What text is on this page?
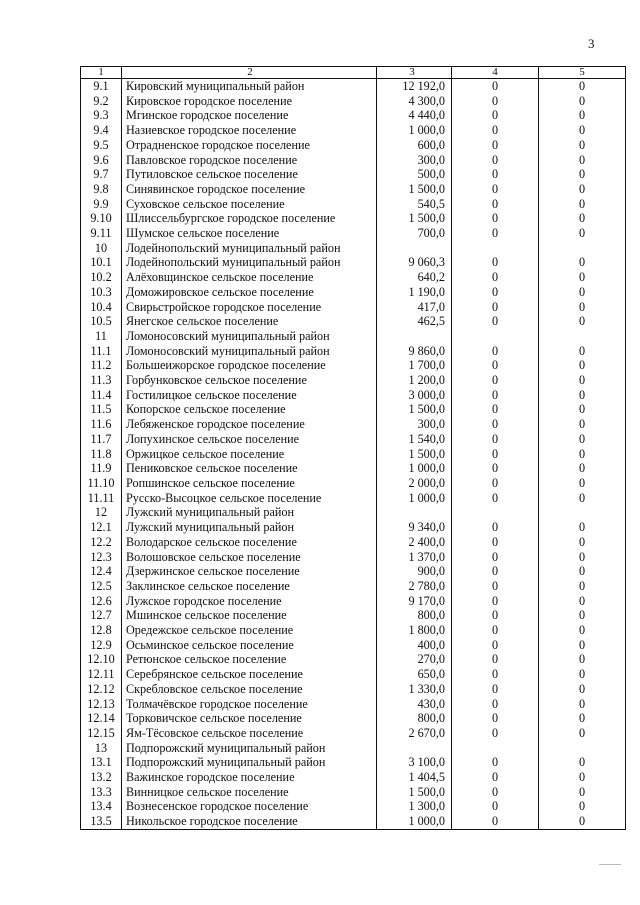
3
1	2	3	4	5
9.1	Кировский муниципальный район	12 192,0	0	0
9.2	Кировское городское поселение	4 300,0	0	0
9.3	Мгинское городское поселение	4 440,0	0	0
9.4	Назиевское городское поселение	1 000,0	0	0
9.5	Отрадненское городское поселение	600,0	0	0
9.6	Павловское городское поселение	300,0	0	0
9.7	Путиловское сельское поселение	500,0	0	0
9.8	Синявинское городское поселение	1 500,0	0	0
9.9	Суховское сельское поселение	540,5	0	0
9.10	Шлиссельбургское городское поселение	1 500,0	0	0
9.11	Шумское сельское поселение	700,0	0	0
10	Лодейнопольский муниципальный район			
10.1	Лодейнопольский муниципальный район	9 060,3	0	0
10.2	Алёховщинское сельское поселение	640,2	0	0
10.3	Доможировское сельское поселение	1 190,0	0	0
10.4	Свирьстройское городское поселение	417,0	0	0
10.5	Янегское сельское поселение	462,5	0	0
11	Ломоносовский муниципальный район			
11.1	Ломоносовский муниципальный район	9 860,0	0	0
11.2	Большеижорское городское поселение	1 700,0	0	0
11.3	Горбунковское сельское поселение	1 200,0	0	0
11.4	Гостилицкое сельское поселение	3 000,0	0	0
11.5	Копорское сельское поселение	1 500,0	0	0
11.6	Лебяженское городское поселение	300,0	0	0
11.7	Лопухинское сельское поселение	1 540,0	0	0
11.8	Оржицкое сельское поселение	1 500,0	0	0
11.9	Пениковское сельское поселение	1 000,0	0	0
11.10	Ропшинское сельское поселение	2 000,0	0	0
11.11	Русско-Высоцкое сельское поселение	1 000,0	0	0
12	Лужский муниципальный район			
12.1	Лужский муниципальный район	9 340,0	0	0
12.2	Володарское сельское поселение	2 400,0	0	0
12.3	Волошовское сельское поселение	1 370,0	0	0
12.4	Дзержинское сельское поселение	900,0	0	0
12.5	Заклинское сельское поселение	2 780,0	0	0
12.6	Лужское городское поселение	9 170,0	0	0
12.7	Мшинское сельское поселение	800,0	0	0
12.8	Оредежское сельское поселение	1 800,0	0	0
12.9	Осьминское сельское поселение	400,0	0	0
12.10	Ретюнское сельское поселение	270,0	0	0
12.11	Серебрянское сельское поселение	650,0	0	0
12.12	Скребловское сельское поселение	1 330,0	0	0
12.13	Толмачёвское городское поселение	430,0	0	0
12.14	Торковичское сельское поселение	800,0	0	0
12.15	Ям-Тёсовское сельское поселение	2 670,0	0	0
13	Подпорожский муниципальный район			
13.1	Подпорожский муниципальный район	3 100,0	0	0
13.2	Важинское городское поселение	1 404,5	0	0
13.3	Винницкое сельское поселение	1 500,0	0	0
13.4	Вознесенское городское поселение	1 300,0	0	0
13.5	Никольское городское поселение	1 000,0	0	0
